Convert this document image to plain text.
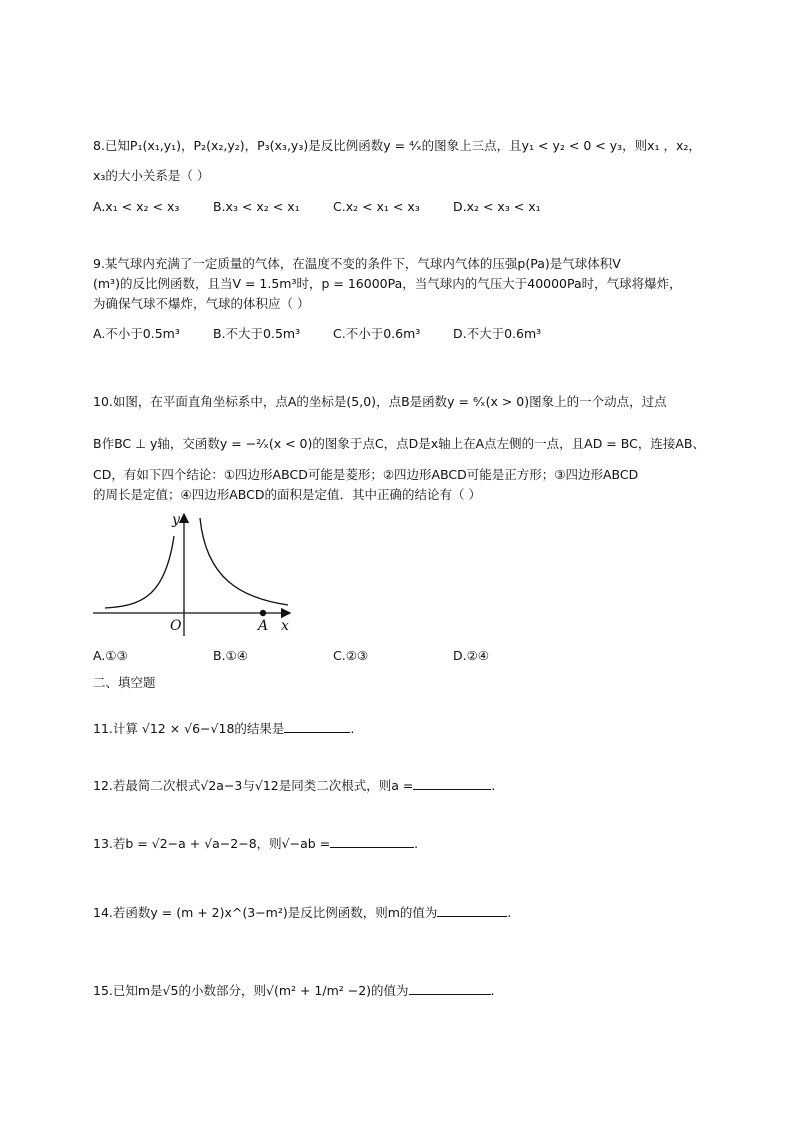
8.已知P₁(x₁,y₁)，P₂(x₂,y₂)，P₃(x₃,y₃)是反比例函数y = ⁴⁄ₓ的图象上三点，且y₁ < y₂ < 0 < y₃，则x₁ ，x₂，
x₃的大小关系是（ ）
A.x₁ < x₂ < x₃	B.x₃ < x₂ < x₁	C.x₂ < x₁ < x₃	D.x₂ < x₃ < x₁
9.某气球内充满了一定质量的气体，在温度不变的条件下，气球内气体的压强p(Pa)是气球体积V
(m³)的反比例函数，且当V = 1.5m³时，p = 16000Pa，当气球内的气压大于40000Pa时，气球将爆炸，
为确保气球不爆炸，气球的体积应（ ）
A.不小于0.5m³	B.不大于0.5m³	C.不小于0.6m³	D.不大于0.6m³
10.如图，在平面直角坐标系中，点A的坐标是(5,0)，点B是函数y = ⁶⁄ₓ(x > 0)图象上的一个动点，过点
B作BC ⊥ y轴，交函数y = −²⁄ₓ(x < 0)的图象于点C，点D是x轴上在A点左侧的一点，且AD = BC，连接AB、
CD，有如下四个结论：①四边形ABCD可能是菱形；②四边形ABCD可能是正方形；③四边形ABCD
的周长是定值；④四边形ABCD的面积是定值．其中正确的结论有（ ）
y
x
O	A
A.①③	B.①④	C.②③	D.②④
二、填空题
11.计算 √12 × √6−√18的结果是	.
12.若最简二次根式√2a−3与√12是同类二次根式，则a =	.
13.若b = √2−a + √a−2−8，则√−ab =	.
14.若函数y = (m + 2)x^(3−m²)是反比例函数，则m的值为	.
15.已知m是√5的小数部分，则√(m² + 1/m² −2)的值为	.
